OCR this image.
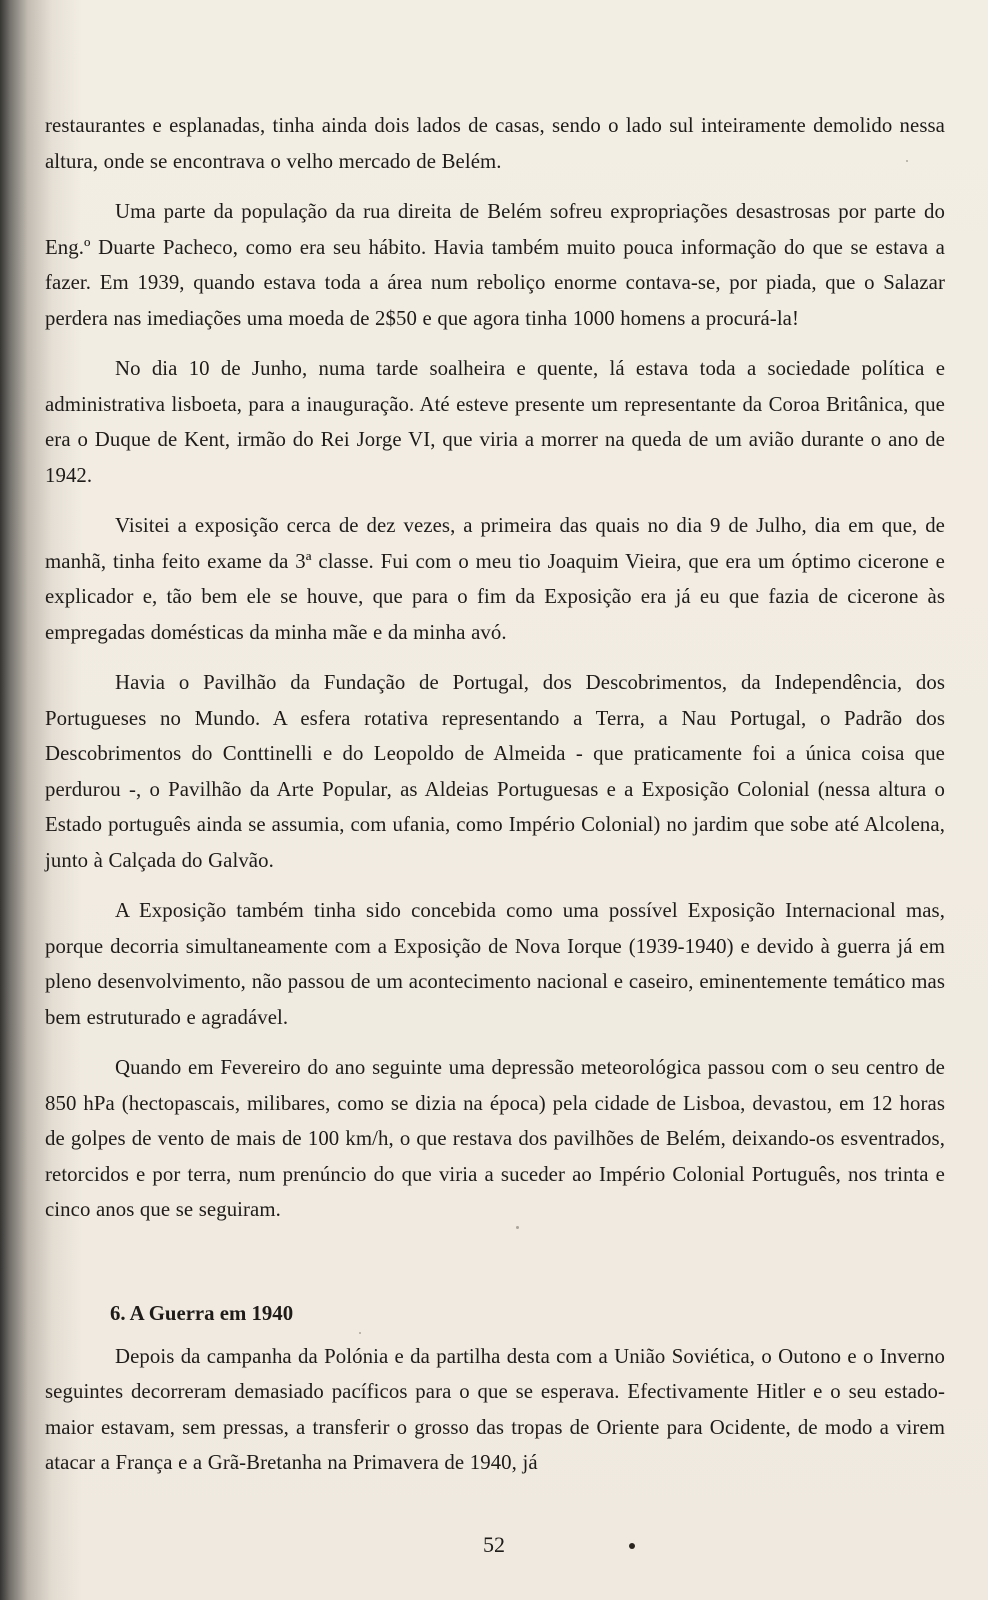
restaurantes e esplanadas, tinha ainda dois lados de casas, sendo o lado sul inteiramente demolido nessa altura, onde se encontrava o velho mercado de Belém.

Uma parte da população da rua direita de Belém sofreu expropriações desastrosas por parte do Eng.º Duarte Pacheco, como era seu hábito. Havia também muito pouca informação do que se estava a fazer. Em 1939, quando estava toda a área num reboliço enorme contava-se, por piada, que o Salazar perdera nas imediações uma moeda de 2$50 e que agora tinha 1000 homens a procurá-la!

No dia 10 de Junho, numa tarde soalheira e quente, lá estava toda a sociedade política e administrativa lisboeta, para a inauguração. Até esteve presente um representante da Coroa Britânica, que era o Duque de Kent, irmão do Rei Jorge VI, que viria a morrer na queda de um avião durante o ano de 1942.

Visitei a exposição cerca de dez vezes, a primeira das quais no dia 9 de Julho, dia em que, de manhã, tinha feito exame da 3ª classe. Fui com o meu tio Joaquim Vieira, que era um óptimo cicerone e explicador e, tão bem ele se houve, que para o fim da Exposição era já eu que fazia de cicerone às empregadas domésticas da minha mãe e da minha avó.

Havia o Pavilhão da Fundação de Portugal, dos Descobrimentos, da Independência, dos Portugueses no Mundo. A esfera rotativa representando a Terra, a Nau Portugal, o Padrão dos Descobrimentos do Conttinelli e do Leopoldo de Almeida - que praticamente foi a única coisa que perdurou -, o Pavilhão da Arte Popular, as Aldeias Portuguesas e a Exposição Colonial (nessa altura o Estado português ainda se assumia, com ufania, como Império Colonial) no jardim que sobe até Alcolena, junto à Calçada do Galvão.

A Exposição também tinha sido concebida como uma possível Exposição Internacional mas, porque decorria simultaneamente com a Exposição de Nova Iorque (1939-1940) e devido à guerra já em pleno desenvolvimento, não passou de um acontecimento nacional e caseiro, eminentemente temático mas bem estruturado e agradável.

Quando em Fevereiro do ano seguinte uma depressão meteorológica passou com o seu centro de 850 hPa (hectopascais, milibares, como se dizia na época) pela cidade de Lisboa, devastou, em 12 horas de golpes de vento de mais de 100 km/h, o que restava dos pavilhões de Belém, deixando-os esventrados, retorcidos e por terra, num prenúncio do que viria a suceder ao Império Colonial Português, nos trinta e cinco anos que se seguiram.

6. A Guerra em 1940

Depois da campanha da Polónia e da partilha desta com a União Soviética, o Outono e o Inverno seguintes decorreram demasiado pacíficos para o que se esperava. Efectivamente Hitler e o seu estado-maior estavam, sem pressas, a transferir o grosso das tropas de Oriente para Ocidente, de modo a virem atacar a França e a Grã-Bretanha na Primavera de 1940, já

52
